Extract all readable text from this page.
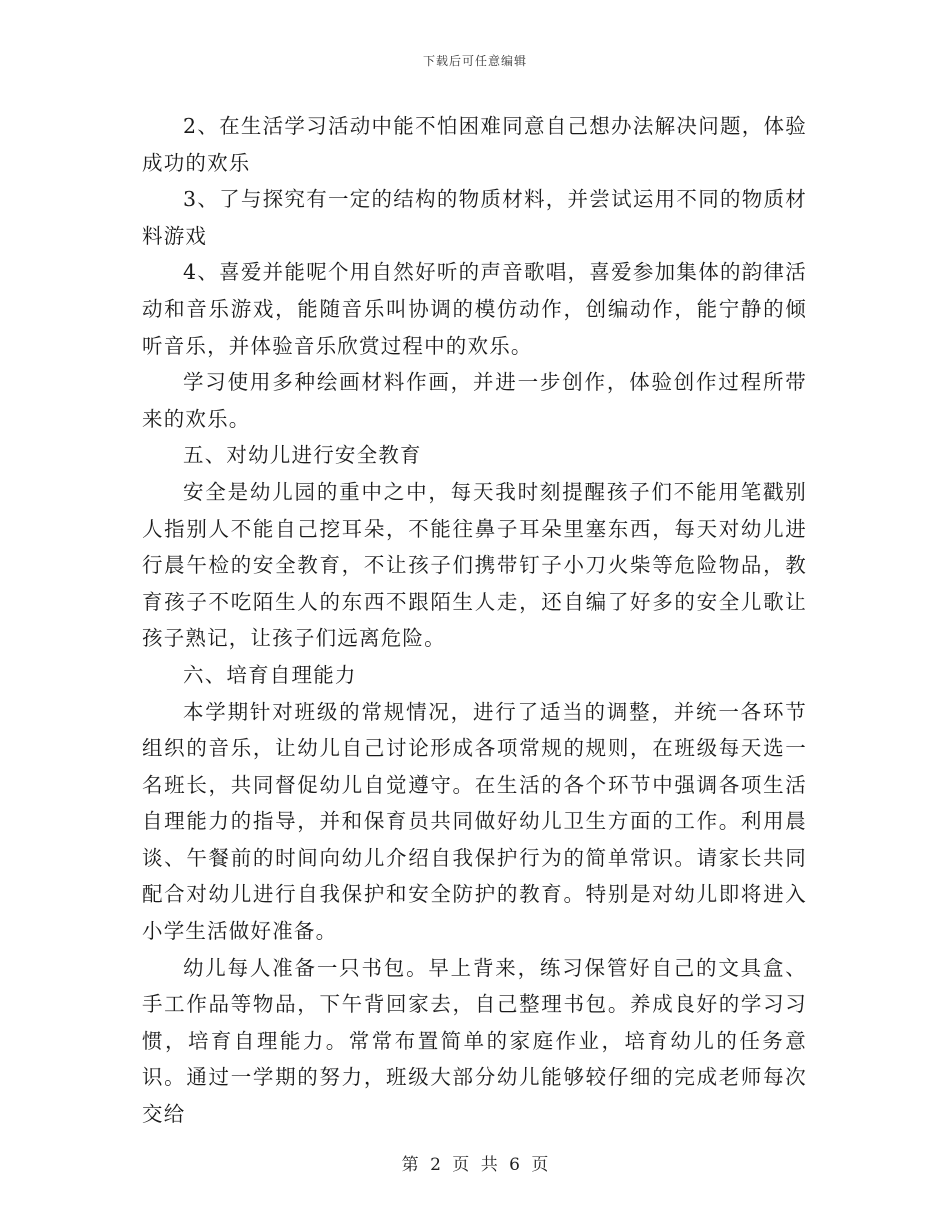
下载后可任意编辑

2、在生活学习活动中能不怕困难同意自己想办法解决问题，体验成功的欢乐

3、了与探究有一定的结构的物质材料，并尝试运用不同的物质材料游戏

4、喜爱并能呢个用自然好听的声音歌唱，喜爱参加集体的韵律活动和音乐游戏，能随音乐叫协调的模仿动作，创编动作，能宁静的倾听音乐，并体验音乐欣赏过程中的欢乐。

学习使用多种绘画材料作画，并进一步创作，体验创作过程所带来的欢乐。

五、对幼儿进行安全教育

安全是幼儿园的重中之中，每天我时刻提醒孩子们不能用笔戳别人指别人不能自己挖耳朵，不能往鼻子耳朵里塞东西，每天对幼儿进行晨午检的安全教育，不让孩子们携带钉子小刀火柴等危险物品，教育孩子不吃陌生人的东西不跟陌生人走，还自编了好多的安全儿歌让孩子熟记，让孩子们远离危险。

六、培育自理能力

本学期针对班级的常规情况，进行了适当的调整，并统一各环节组织的音乐，让幼儿自己讨论形成各项常规的规则，在班级每天选一名班长，共同督促幼儿自觉遵守。在生活的各个环节中强调各项生活自理能力的指导，并和保育员共同做好幼儿卫生方面的工作。利用晨谈、午餐前的时间向幼儿介绍自我保护行为的简单常识。请家长共同配合对幼儿进行自我保护和安全防护的教育。特别是对幼儿即将进入小学生活做好准备。

幼儿每人准备一只书包。早上背来，练习保管好自己的文具盒、手工作品等物品，下午背回家去，自己整理书包。养成良好的学习习惯，培育自理能力。常常布置简单的家庭作业，培育幼儿的任务意识。通过一学期的努力，班级大部分幼儿能够较仔细的完成老师每次交给

第 2 页 共 6 页
